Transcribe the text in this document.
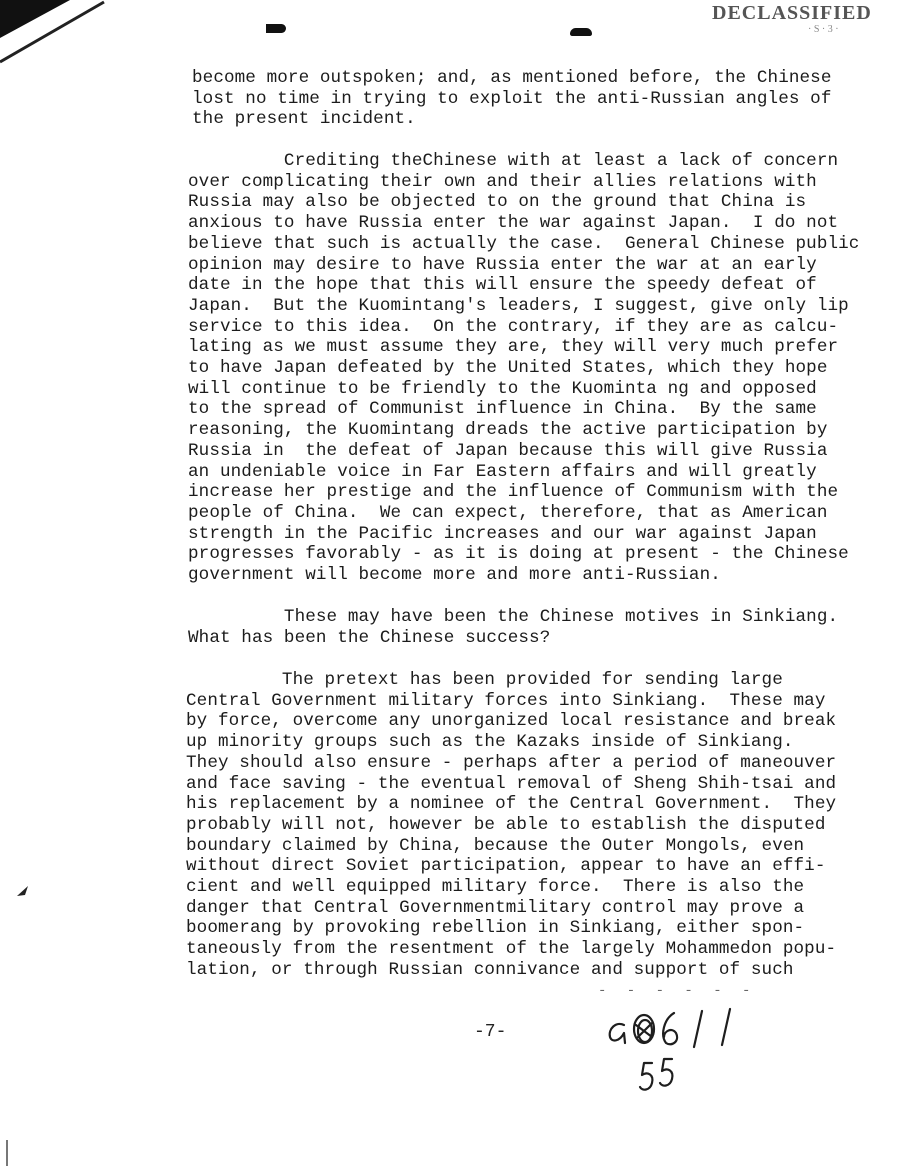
DECLASSIFIED
· S · 3 ·

become more outspoken; and, as mentioned before, the Chinese
lost no time in trying to exploit the anti-Russian angles of
the present incident.

Crediting theChinese with at least a lack of concern
over complicating their own and their allies relations with
Russia may also be objected to on the ground that China is
anxious to have Russia enter the war against Japan.  I do not
believe that such is actually the case.  General Chinese public
opinion may desire to have Russia enter the war at an early
date in the hope that this will ensure the speedy defeat of
Japan.  But the Kuomintang's leaders, I suggest, give only lip
service to this idea.  On the contrary, if they are as calcu-
lating as we must assume they are, they will very much prefer
to have Japan defeated by the United States, which they hope
will continue to be friendly to the Kuominta ng and opposed
to the spread of Communist influence in China.  By the same
reasoning, the Kuomintang dreads the active participation by
Russia in  the defeat of Japan because this will give Russia
an undeniable voice in Far Eastern affairs and will greatly
increase her prestige and the influence of Communism with the
people of China.  We can expect, therefore, that as American
strength in the Pacific increases and our war against Japan
progresses favorably - as it is doing at present - the Chinese
government will become more and more anti-Russian.

These may have been the Chinese motives in Sinkiang.
What has been the Chinese success?

The pretext has been provided for sending large
Central Government military forces into Sinkiang.  These may
by force, overcome any unorganized local resistance and break
up minority groups such as the Kazaks inside of Sinkiang.
They should also ensure - perhaps after a period of maneouver
and face saving - the eventual removal of Sheng Shih-tsai and
his replacement by a nominee of the Central Government.  They
probably will not, however be able to establish the disputed
boundary claimed by China, because the Outer Mongols, even
without direct Soviet participation, appear to have an effi-
cient and well equipped military force.  There is also the
danger that Central Governmentmilitary control may prove a
boomerang by provoking rebellion in Sinkiang, either spon-
taneously from the resentment of the largely Mohammedon popu-
lation, or through Russian connivance and support of such

- - - - - -
-7-
